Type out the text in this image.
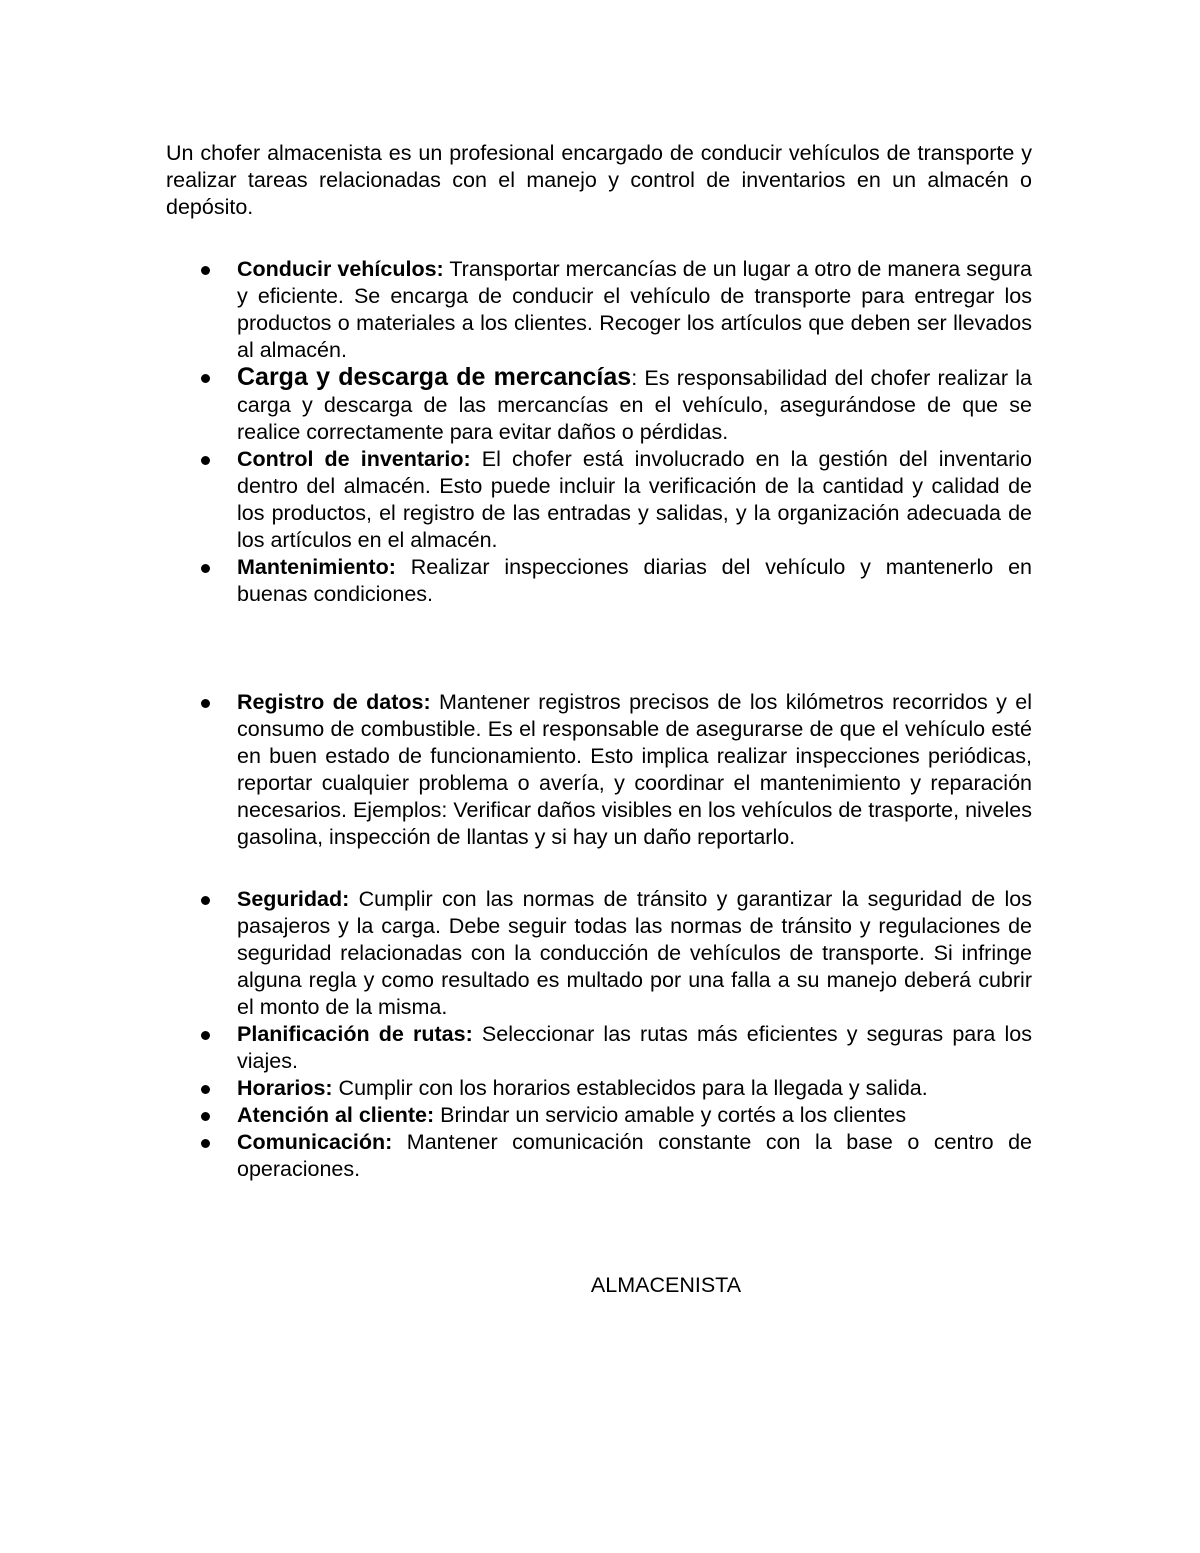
Un chofer almacenista es un profesional encargado de conducir vehículos de transporte y realizar tareas relacionadas con el manejo y control de inventarios en un almacén o depósito.

Conducir vehículos: Transportar mercancías de un lugar a otro de manera segura y eficiente. Se encarga de conducir el vehículo de transporte para entregar los productos o materiales a los clientes. Recoger los artículos que deben ser llevados al almacén.
Carga y descarga de mercancías: Es responsabilidad del chofer realizar la carga y descarga de las mercancías en el vehículo, asegurándose de que se realice correctamente para evitar daños o pérdidas.
Control de inventario: El chofer está involucrado en la gestión del inventario dentro del almacén. Esto puede incluir la verificación de la cantidad y calidad de los productos, el registro de las entradas y salidas, y la organización adecuada de los artículos en el almacén.
Mantenimiento: Realizar inspecciones diarias del vehículo y mantenerlo en buenas condiciones.
Registro de datos: Mantener registros precisos de los kilómetros recorridos y el consumo de combustible. Es el responsable de asegurarse de que el vehículo esté en buen estado de funcionamiento. Esto implica realizar inspecciones periódicas, reportar cualquier problema o avería, y coordinar el mantenimiento y reparación necesarios. Ejemplos: Verificar daños visibles en los vehículos de trasporte, niveles gasolina, inspección de llantas y si hay un daño reportarlo.
Seguridad: Cumplir con las normas de tránsito y garantizar la seguridad de los pasajeros y la carga. Debe seguir todas las normas de tránsito y regulaciones de seguridad relacionadas con la conducción de vehículos de transporte. Si infringe alguna regla y como resultado es multado por una falla a su manejo deberá cubrir el monto de la misma.
Planificación de rutas: Seleccionar las rutas más eficientes y seguras para los viajes.
Horarios: Cumplir con los horarios establecidos para la llegada y salida.
Atención al cliente: Brindar un servicio amable y cortés a los clientes
Comunicación: Mantener comunicación constante con la base o centro de operaciones.
ALMACENISTA
